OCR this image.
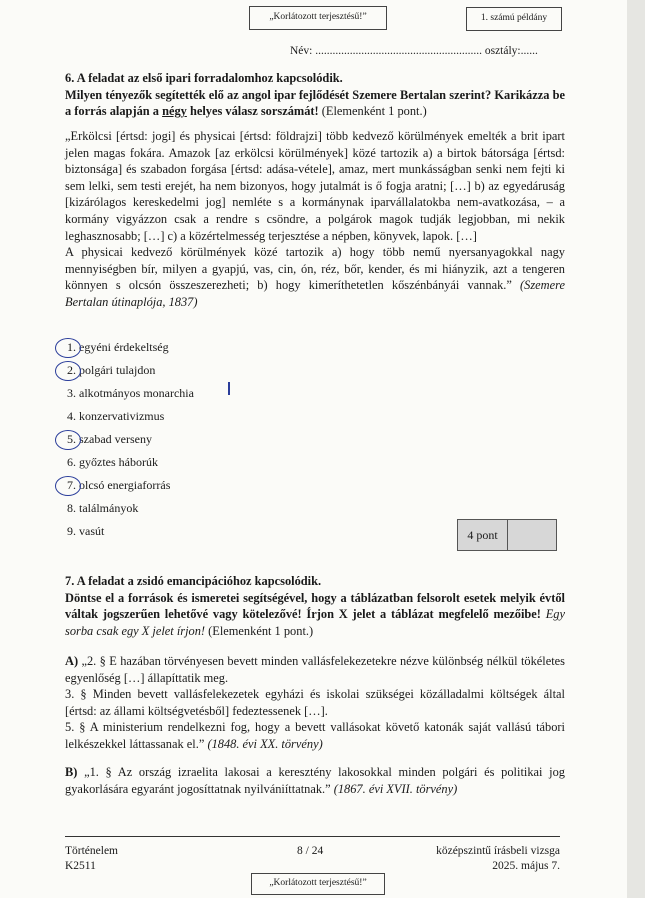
„Korlátozott terjesztésű!”	1. számú példány
Név: .......................................................... osztály:......
6. A feladat az első ipari forradalomhoz kapcsolódik.
Milyen tényezők segítették elő az angol ipar fejlődését Szemere Bertalan szerint? Karikázza be a forrás alapján a négy helyes válasz sorszámát! (Elemenként 1 pont.)

„Erkölcsi [értsd: jogi] és physicai [értsd: földrajzi] több kedvező körülmények emelték a brit ipart jelen magas fokára. Amazok [az erkölcsi körülmények] közé tartozik a) a birtok bátorsága [értsd: biztonsága] és szabadon forgása [értsd: adása-vétele], amaz, mert munkásságban senki nem fejti ki sem lelki, sem testi erejét, ha nem bizonyos, hogy jutalmát is ő fogja aratni; […] b) az egyedáruság [kizárólagos kereskedelmi jog] nemléte s a kormánynak iparvállalatokba nem-avatkozása, – a kormány vigyázzon csak a rendre s csöndre, a polgárok magok tudják legjobban, mi nekik leghasznosabb; […] c) a közértelmesség terjesztése a népben, könyvek, lapok. […]

A physicai kedvező körülmények közé tartozik a) hogy több nemű nyersanyagokkal nagy mennyiségben bír, milyen a gyapjú, vas, cin, ón, réz, bőr, kender, és mi hiányzik, azt a tengeren könnyen s olcsón összeszerezheti; b) hogy kimeríthetetlen kőszénbányái vannak.” (Szemere Bertalan útinaplója, 1837)

1. egyéni érdekeltség
2. polgári tulajdon
3. alkotmányos monarchia
4. konzervativizmus
5. szabad verseny
6. győztes háborúk
7. olcsó energiaforrás
8. találmányok
9. vasút	4 pont
7. A feladat a zsidó emancipációhoz kapcsolódik.
Döntse el a források és ismeretei segítségével, hogy a táblázatban felsorolt esetek melyik évtől váltak jogszerűen lehetővé vagy kötelezővé! Írjon X jelet a táblázat megfelelő mezőibe! Egy sorba csak egy X jelet írjon! (Elemenként 1 pont.)
A) „2. § E hazában törvényesen bevett minden vallásfelekezetekre nézve különbség nélkül tökéletes egyenlőség […] állapíttatik meg.
3. § Minden bevett vallásfelekezetek egyházi és iskolai szükségei közálladalmi költségek által [értsd: az állami költségvetésből] fedeztessenek […].
5. § A ministerium rendelkezni fog, hogy a bevett vallásokat követő katonák saját vallású tábori lelkészekkel láttassanak el.” (1848. évi XX. törvény)
B) „1. § Az ország izraelita lakosai a keresztény lakosokkal minden polgári és politikai jog gyakorlására egyaránt jogosíttatnak nyilvániíttatnak.” (1867. évi XVII. törvény)
Történelem
K2511
8 / 24	középszintű írásbeli vizsga
2025. május 7.
„Korlátozott terjesztésű!”
